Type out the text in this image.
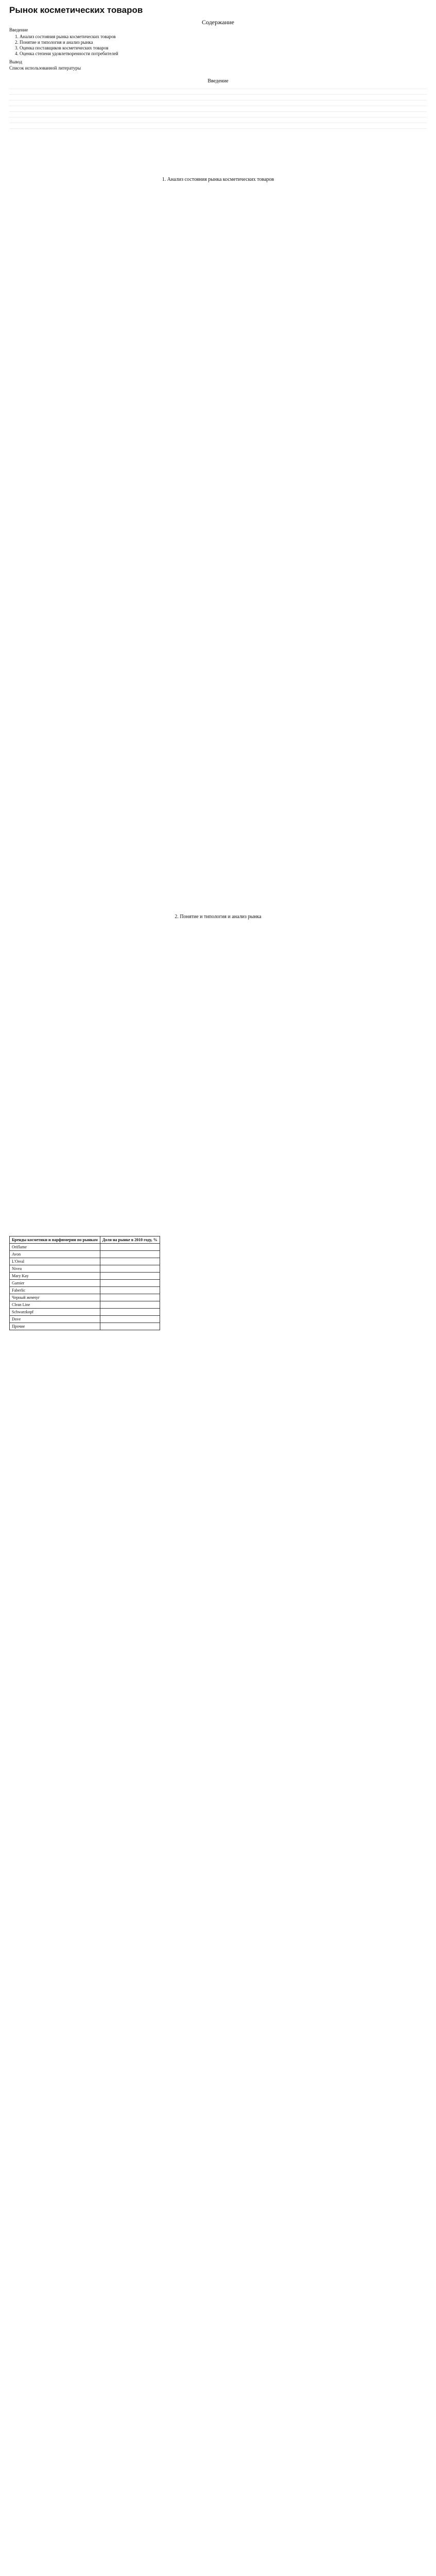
Рынок косметических товаров
Содержание
Введение
1. Анализ состояния рынка косметических товаров
2. Понятие и типология и анализ рынка
3. Оценка поставщиков косметических товаров
4. Оценка степени удовлетворенности потребителей
Вывод
Список использованной литературы
Введение
1. Анализ состояния рынка косметических товаров
2. Понятие и типология и анализ рынка
Бренды косметики и парфюмерии по рынкам	Доля на рынке в 2010 году, %
Oriflame	
Avon	
L'Oreal	
Nivea	
Mary Kay	
Garnier	
Faberlic	
Черный жемчуг	
Clean Line	
Schwarzkopf	
Dove	
Прочие	
